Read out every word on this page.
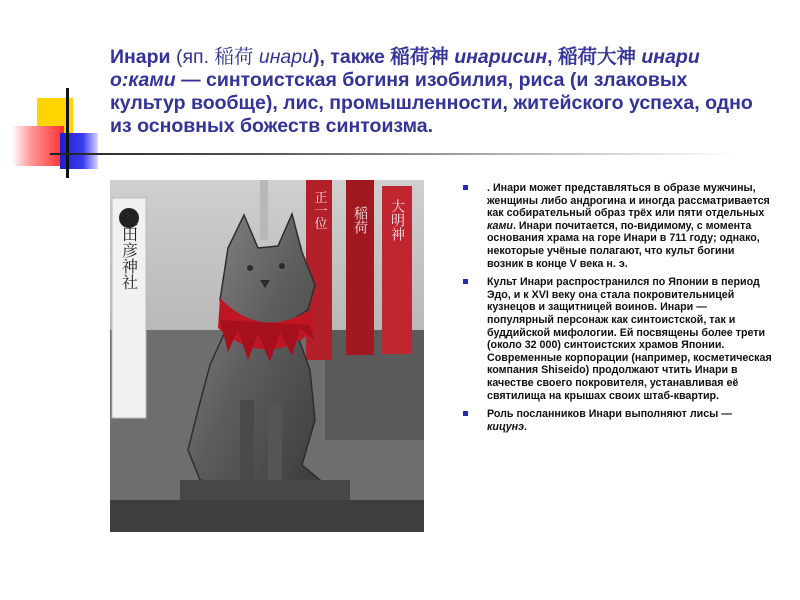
Инари (яп. 稲荷 инари), также 稲荷神 инарисин, 稲荷大神 инари о:ками — синтоистская богиня изобилия, риса (и злаковых культур вообще), лис, промышленности, житейского успеха, одно из основных божеств синтоизма.
猿田彦神社	正一位 稲荷 大明神
. Инари может представляться в образе мужчины, женщины либо андрогина и иногда рассматривается как собирательный образ трёх или пяти отдельных ками. Инари почитается, по-видимому, с момента основания храма на горе Инари в 711 году; однако, некоторые учёные полагают, что культ богини возник в конце V века н. э.
Культ Инари распространился по Японии в период Эдо, и к XVI веку она стала покровительницей кузнецов и защитницей воинов. Инари — популярный персонаж как синтоистской, так и буддийской мифологии. Ей посвящены более трети (около 32 000) синтоистских храмов Японии. Современные корпорации (например, косметическая компания Shiseido) продолжают чтить Инари в качестве своего покровителя, устанавливая её святилища на крышах своих штаб-квартир.
Роль посланников Инари выполняют лисы — кицунэ.
